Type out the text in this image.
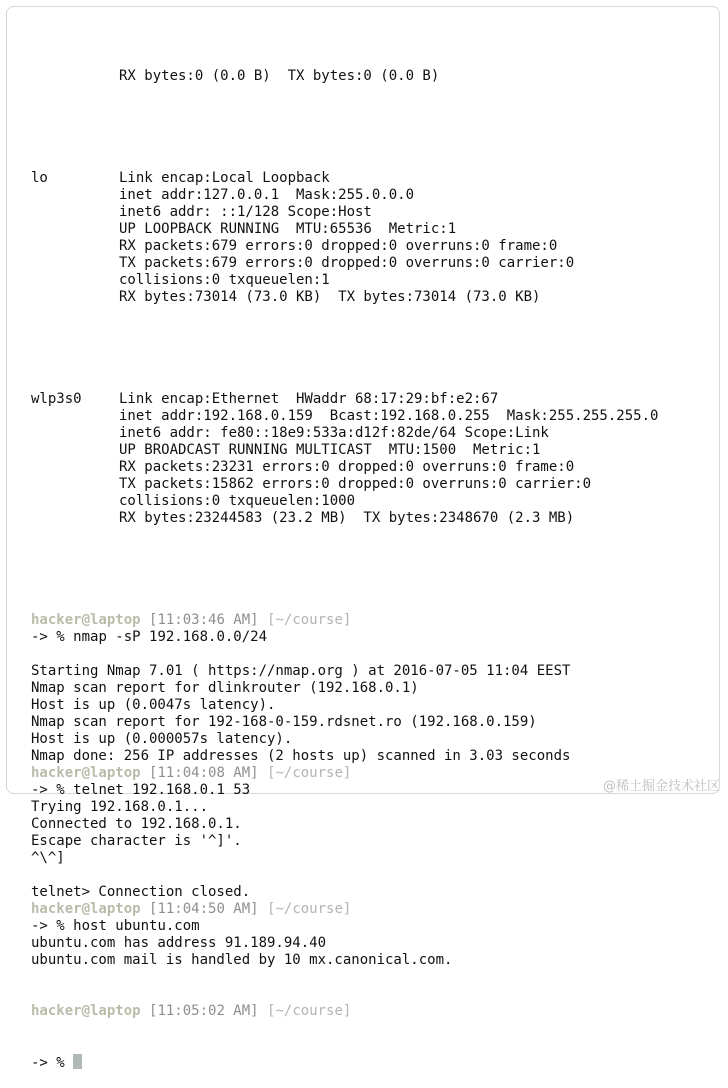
RX bytes:0 (0.0 B)  TX bytes:0 (0.0 B)

lo	Link encap:Local Loopback
inet addr:127.0.0.1  Mask:255.0.0.0
inet6 addr: ::1/128 Scope:Host
UP LOOPBACK RUNNING  MTU:65536  Metric:1
RX packets:679 errors:0 dropped:0 overruns:0 frame:0
TX packets:679 errors:0 dropped:0 overruns:0 carrier:0
collisions:0 txqueuelen:1
RX bytes:73014 (73.0 KB)  TX bytes:73014 (73.0 KB)

wlp3s0	Link encap:Ethernet  HWaddr 68:17:29:bf:e2:67
inet addr:192.168.0.159  Bcast:192.168.0.255  Mask:255.255.255.0
inet6 addr: fe80::18e9:533a:d12f:82de/64 Scope:Link
UP BROADCAST RUNNING MULTICAST  MTU:1500  Metric:1
RX packets:23231 errors:0 dropped:0 overruns:0 frame:0
TX packets:15862 errors:0 dropped:0 overruns:0 carrier:0
collisions:0 txqueuelen:1000
RX bytes:23244583 (23.2 MB)  TX bytes:2348670 (2.3 MB)

hacker@laptop [11:03:46 AM] [~/course]
-> % nmap -sP 192.168.0.0/24
Starting Nmap 7.01 ( https://nmap.org ) at 2016-07-05 11:04 EEST
Nmap scan report for dlinkrouter (192.168.0.1)
Host is up (0.0047s latency).
Nmap scan report for 192-168-0-159.rdsnet.ro (192.168.0.159)
Host is up (0.000057s latency).
Nmap done: 256 IP addresses (2 hosts up) scanned in 3.03 seconds
hacker@laptop [11:04:08 AM] [~/course]
-> % telnet 192.168.0.1 53
Trying 192.168.0.1...
Connected to 192.168.0.1.
Escape character is '^]'.
^\^]
telnet> Connection closed.
hacker@laptop [11:04:50 AM] [~/course]
-> % host ubuntu.com
ubuntu.com has address 91.189.94.40
ubuntu.com mail is handled by 10 mx.canonical.com.

hacker@laptop [11:05:02 AM] [~/course]

-> %

@稀土掘金技术社区
